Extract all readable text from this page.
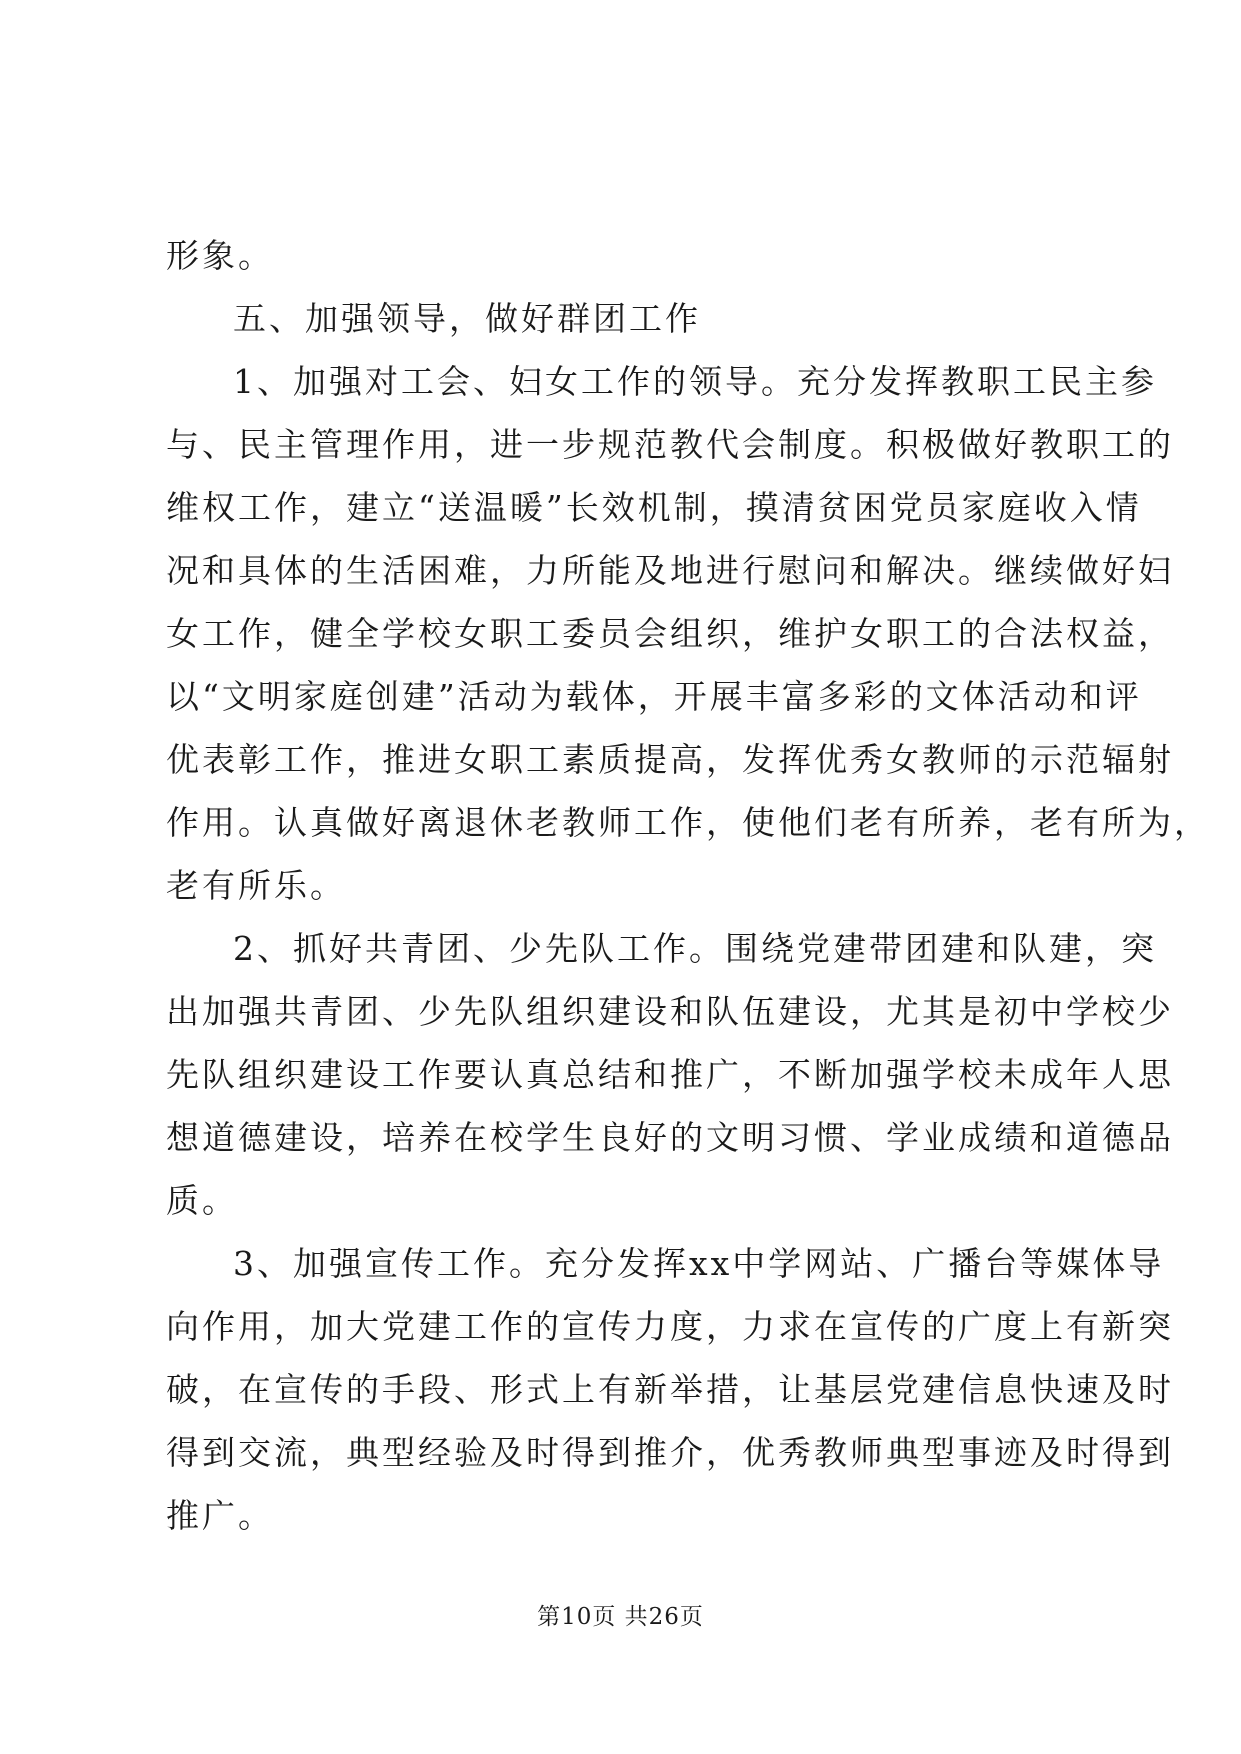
形象。
五、加强领导，做好群团工作
1、加强对工会、妇女工作的领导。充分发挥教职工民主参
与、民主管理作用，进一步规范教代会制度。积极做好教职工的
维权工作，建立“送温暖”长效机制，摸清贫困党员家庭收入情
况和具体的生活困难，力所能及地进行慰问和解决。继续做好妇
女工作，健全学校女职工委员会组织，维护女职工的合法权益，
以“文明家庭创建”活动为载体，开展丰富多彩的文体活动和评
优表彰工作，推进女职工素质提高，发挥优秀女教师的示范辐射
作用。认真做好离退休老教师工作，使他们老有所养，老有所为，
老有所乐。
2、抓好共青团、少先队工作。围绕党建带团建和队建，突
出加强共青团、少先队组织建设和队伍建设，尤其是初中学校少
先队组织建设工作要认真总结和推广，不断加强学校未成年人思
想道德建设，培养在校学生良好的文明习惯、学业成绩和道德品
质。
3、加强宣传工作。充分发挥xx中学网站、广播台等媒体导
向作用，加大党建工作的宣传力度，力求在宣传的广度上有新突
破，在宣传的手段、形式上有新举措，让基层党建信息快速及时
得到交流，典型经验及时得到推介，优秀教师典型事迹及时得到
推广。
第10页 共26页
